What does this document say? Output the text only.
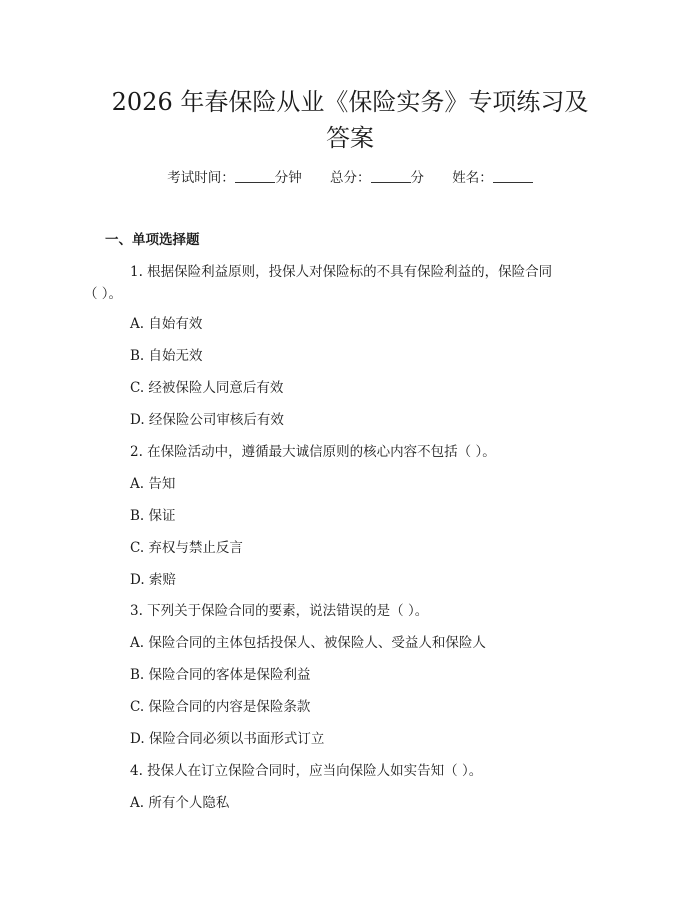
2026 年春保险从业《保险实务》专项练习及
答案
考试时间：	分钟 总分：	分 姓名：
一、单项选择题
1. 根据保险利益原则，投保人对保险标的不具有保险利益的，保险合同
（ ）。
A. 自始有效
B. 自始无效
C. 经被保险人同意后有效
D. 经保险公司审核后有效
2. 在保险活动中，遵循最大诚信原则的核心内容不包括（ ）。
A. 告知
B. 保证
C. 弃权与禁止反言
D. 索赔
3. 下列关于保险合同的要素，说法错误的是（ ）。
A. 保险合同的主体包括投保人、被保险人、受益人和保险人
B. 保险合同的客体是保险利益
C. 保险合同的内容是保险条款
D. 保险合同必须以书面形式订立
4. 投保人在订立保险合同时，应当向保险人如实告知（ ）。
A. 所有个人隐私
